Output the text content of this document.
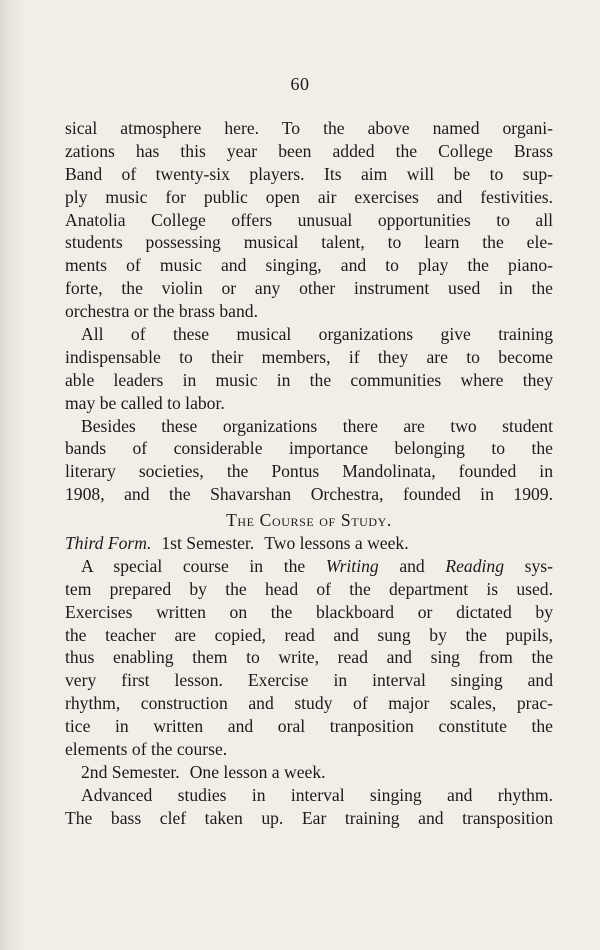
60
sical atmosphere here. To the above named organi-
zations has this year been added the College Brass
Band of twenty-six players. Its aim will be to sup-
ply music for public open air exercises and festivities.
Anatolia College offers unusual opportunities to all
students possessing musical talent, to learn the ele-
ments of music and singing, and to play the piano-
forte, the violin or any other instrument used in the
orchestra or the brass band.
All of these musical organizations give training
indispensable to their members, if they are to become
able leaders in music in the communities where they
may be called to labor.
Besides these organizations there are two student
bands of considerable importance belonging to the
literary societies, the Pontus Mandolinata, founded in
1908, and the Shavarshan Orchestra, founded in 1909.
The Course of Study.
Third Form. 1st Semester. Two lessons a week.
A special course in the Writing and Reading sys-
tem prepared by the head of the department is used.
Exercises written on the blackboard or dictated by
the teacher are copied, read and sung by the pupils,
thus enabling them to write, read and sing from the
very first lesson. Exercise in interval singing and
rhythm, construction and study of major scales, prac-
tice in written and oral tranposition constitute the
elements of the course.
2nd Semester. One lesson a week.
Advanced studies in interval singing and rhythm.
The bass clef taken up. Ear training and transposition
